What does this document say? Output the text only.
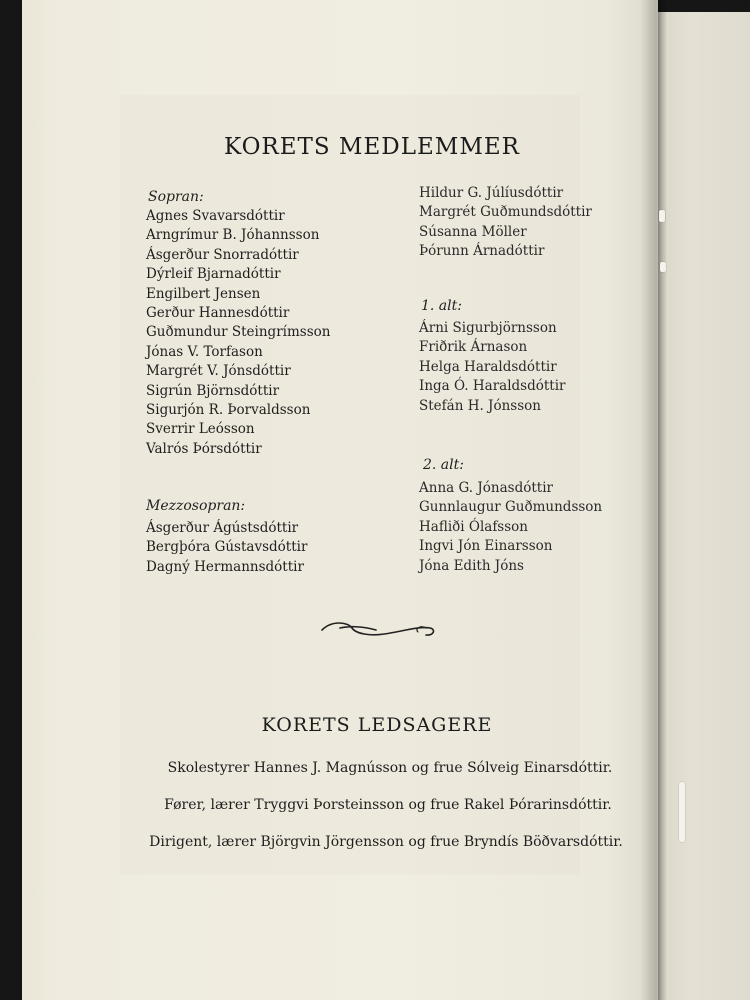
KORETS MEDLEMMER
Sopran:
Agnes Svavarsdóttir
Arngrímur B. Jóhannsson
Ásgerður Snorradóttir
Dýrleif Bjarnadóttir
Engilbert Jensen
Gerður Hannesdóttir
Guðmundur Steingrímsson
Jónas V. Torfason
Margrét V. Jónsdóttir
Sigrún Björnsdóttir
Sigurjón R. Þorvaldsson
Sverrir Leósson
Valrós Þórsdóttir
Mezzosopran:
Ásgerður Ágústsdóttir
Bergþóra Gústavsdóttir
Dagný Hermannsdóttir
Hildur G. Júlíusdóttir
Margrét Guðmundsdóttir
Súsanna Möller
Þórunn Árnadóttir
1. alt:
Árni Sigurbjörnsson
Friðrik Árnason
Helga Haraldsdóttir
Inga Ó. Haraldsdóttir
Stefán H. Jónsson
2. alt:
Anna G. Jónasdóttir
Gunnlaugur Guðmundsson
Hafliði Ólafsson
Ingvi Jón Einarsson
Jóna Edith Jóns
KORETS LEDSAGERE
Skolestyrer Hannes J. Magnússon og frue Sólveig Einarsdóttir.
Fører, lærer Tryggvi Þorsteinsson og frue Rakel Þórarinsdóttir.
Dirigent, lærer Björgvin Jörgensson og frue Bryndís Böðvarsdóttir.
